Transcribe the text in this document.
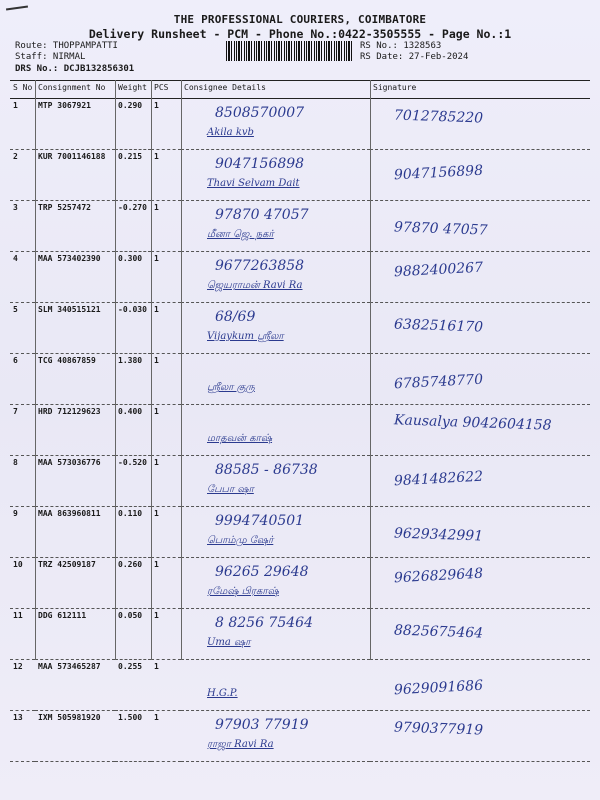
THE PROFESSIONAL COURIERS, COIMBATORE
Delivery Runsheet - PCM - Phone No.:0422-3505555 - Page No.:1
Route: THOPPAMPATTI
Staff: NIRMAL
DRS No.: DCJB132856301
RS No.: 1328563
RS Date: 27-Feb-2024
S No	Consignment No	Weight	PCS	Consignee Details	Signature
1	MTP 3067921	0.290	1	8508570007
Akila kvb	7012785220

2	KUR 7001146188	0.215	1	9047156898
Thavi Selvam Dait	9047156898

3	TRP 5257472	-0.270	1	97870 47057
மீனா ஜெ. நகர்	97870 47057

4	MAA 573402390	0.300	1	9677263858
ஜெயராமன் Ravi Ra	9882400267

5	SLM 340515121	-0.030	1	68/69
Vijaykum ஸ்ரீலா	6382516170

6	TCG 40867859	1.380	1	ஸ்ரீலா குரு	6785748770

7	HRD 712129623	0.400	1	மாதவன் காஷ்	Kausalya 9042604158

8	MAA 573036776	-0.520	1	88585 - 86738
பேபா ஷா	9841482622

9	MAA 863960811	0.110	1	9994740501
பொம்மு ஷேர்	9629342991

10	TRZ 42509187	0.260	1	96265 29648
ரமேஷ் பிரகாஷ்	9626829648

11	DDG 612111	0.050	1	8 8256 75464
Uma ஷா	8825675464

12	MAA 573465287	0.255	1	H.G.P.	9629091686

13	IXM 505981920	1.500	1	97903 77919
ராஜா Ravi Ra	9790377919
